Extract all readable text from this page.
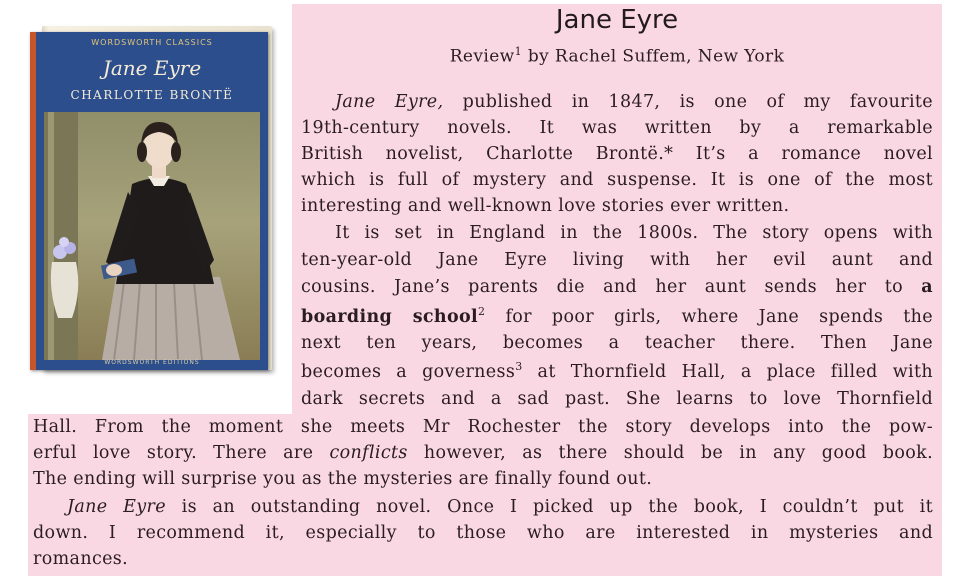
WORDSWORTH CLASSICS
Jane Eyre
CHARLOTTE BRONTË
WORDSWORTH EDITIONS
Jane Eyre
Review$^1$ by Rachel Suffem, New York
Jane Eyre, published in 1847, is one of my favourite
19th-century novels. It was written by a remarkable
British novelist, Charlotte Brontë.* It’s a romance novel
which is full of mystery and suspense. It is one of the most
interesting and well-known love stories ever written.
It is set in England in the 1800s. The story opens with
ten-year-old Jane Eyre living with her evil aunt and
cousins. Jane’s parents die and her aunt sends her to a
boarding school$^2$ for poor girls, where Jane spends the
next ten years, becomes a teacher there. Then Jane
becomes a governess$^3$ at Thornfield Hall, a place filled with
dark secrets and a sad past. She learns to love Thornfield
Hall. From the moment she meets Mr Rochester the story develops into the pow-
erful love story. There are conflicts however, as there should be in any good book.
The ending will surprise you as the mysteries are finally found out.
Jane Eyre is an outstanding novel. Once I picked up the book, I couldn’t put it
down. I recommend it, especially to those who are interested in mysteries and
romances.
